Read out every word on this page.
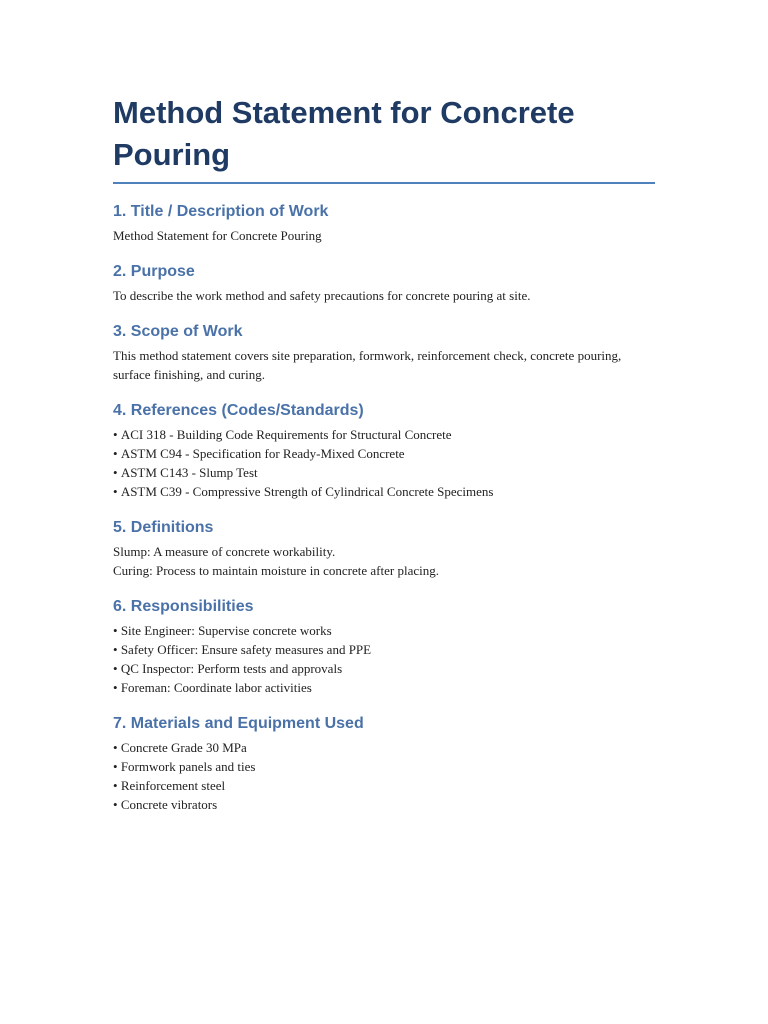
Method Statement for Concrete Pouring
1. Title / Description of Work

Method Statement for Concrete Pouring

2. Purpose

To describe the work method and safety precautions for concrete pouring at site.

3. Scope of Work

This method statement covers site preparation, formwork, reinforcement check, concrete pouring, surface finishing, and curing.

4. References (Codes/Standards)
• ACI 318 - Building Code Requirements for Structural Concrete
• ASTM C94 - Specification for Ready-Mixed Concrete
• ASTM C143 - Slump Test
• ASTM C39 - Compressive Strength of Cylindrical Concrete Specimens
5. Definitions
Slump: A measure of concrete workability.
Curing: Process to maintain moisture in concrete after placing.
6. Responsibilities
• Site Engineer: Supervise concrete works
• Safety Officer: Ensure safety measures and PPE
• QC Inspector: Perform tests and approvals
• Foreman: Coordinate labor activities
7. Materials and Equipment Used
• Concrete Grade 30 MPa
• Formwork panels and ties
• Reinforcement steel
• Concrete vibrators
